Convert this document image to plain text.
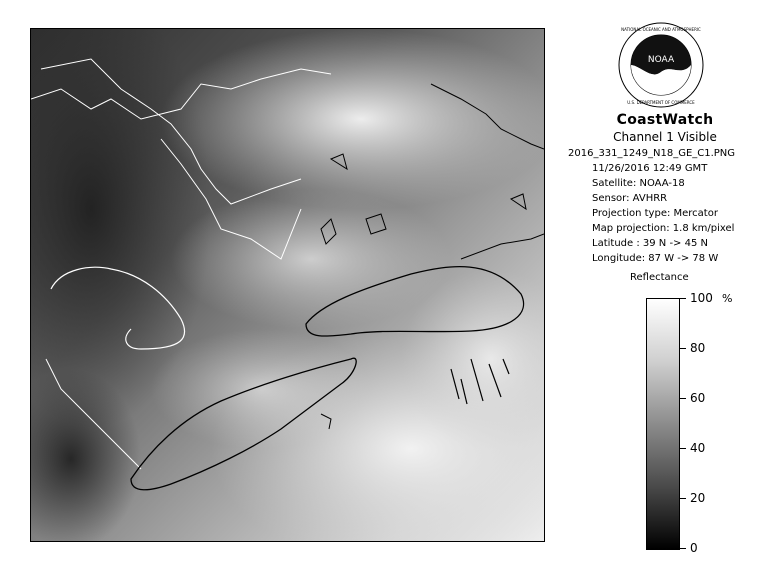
NOAA
NATIONAL OCEANIC AND ATMOSPHERIC
U.S. DEPARTMENT OF COMMERCE
CoastWatch
Channel 1 Visible
2016_331_1249_N18_GE_C1.PNG
11/26/2016 12:49 GMT
Satellite: NOAA-18
Sensor: AVHRR
Projection type: Mercator
Map projection: 1.8 km/pixel
Latitude : 39 N -> 45 N
Longitude: 87 W -> 78 W
Reflectance
%
100
80
60
40
20
0
